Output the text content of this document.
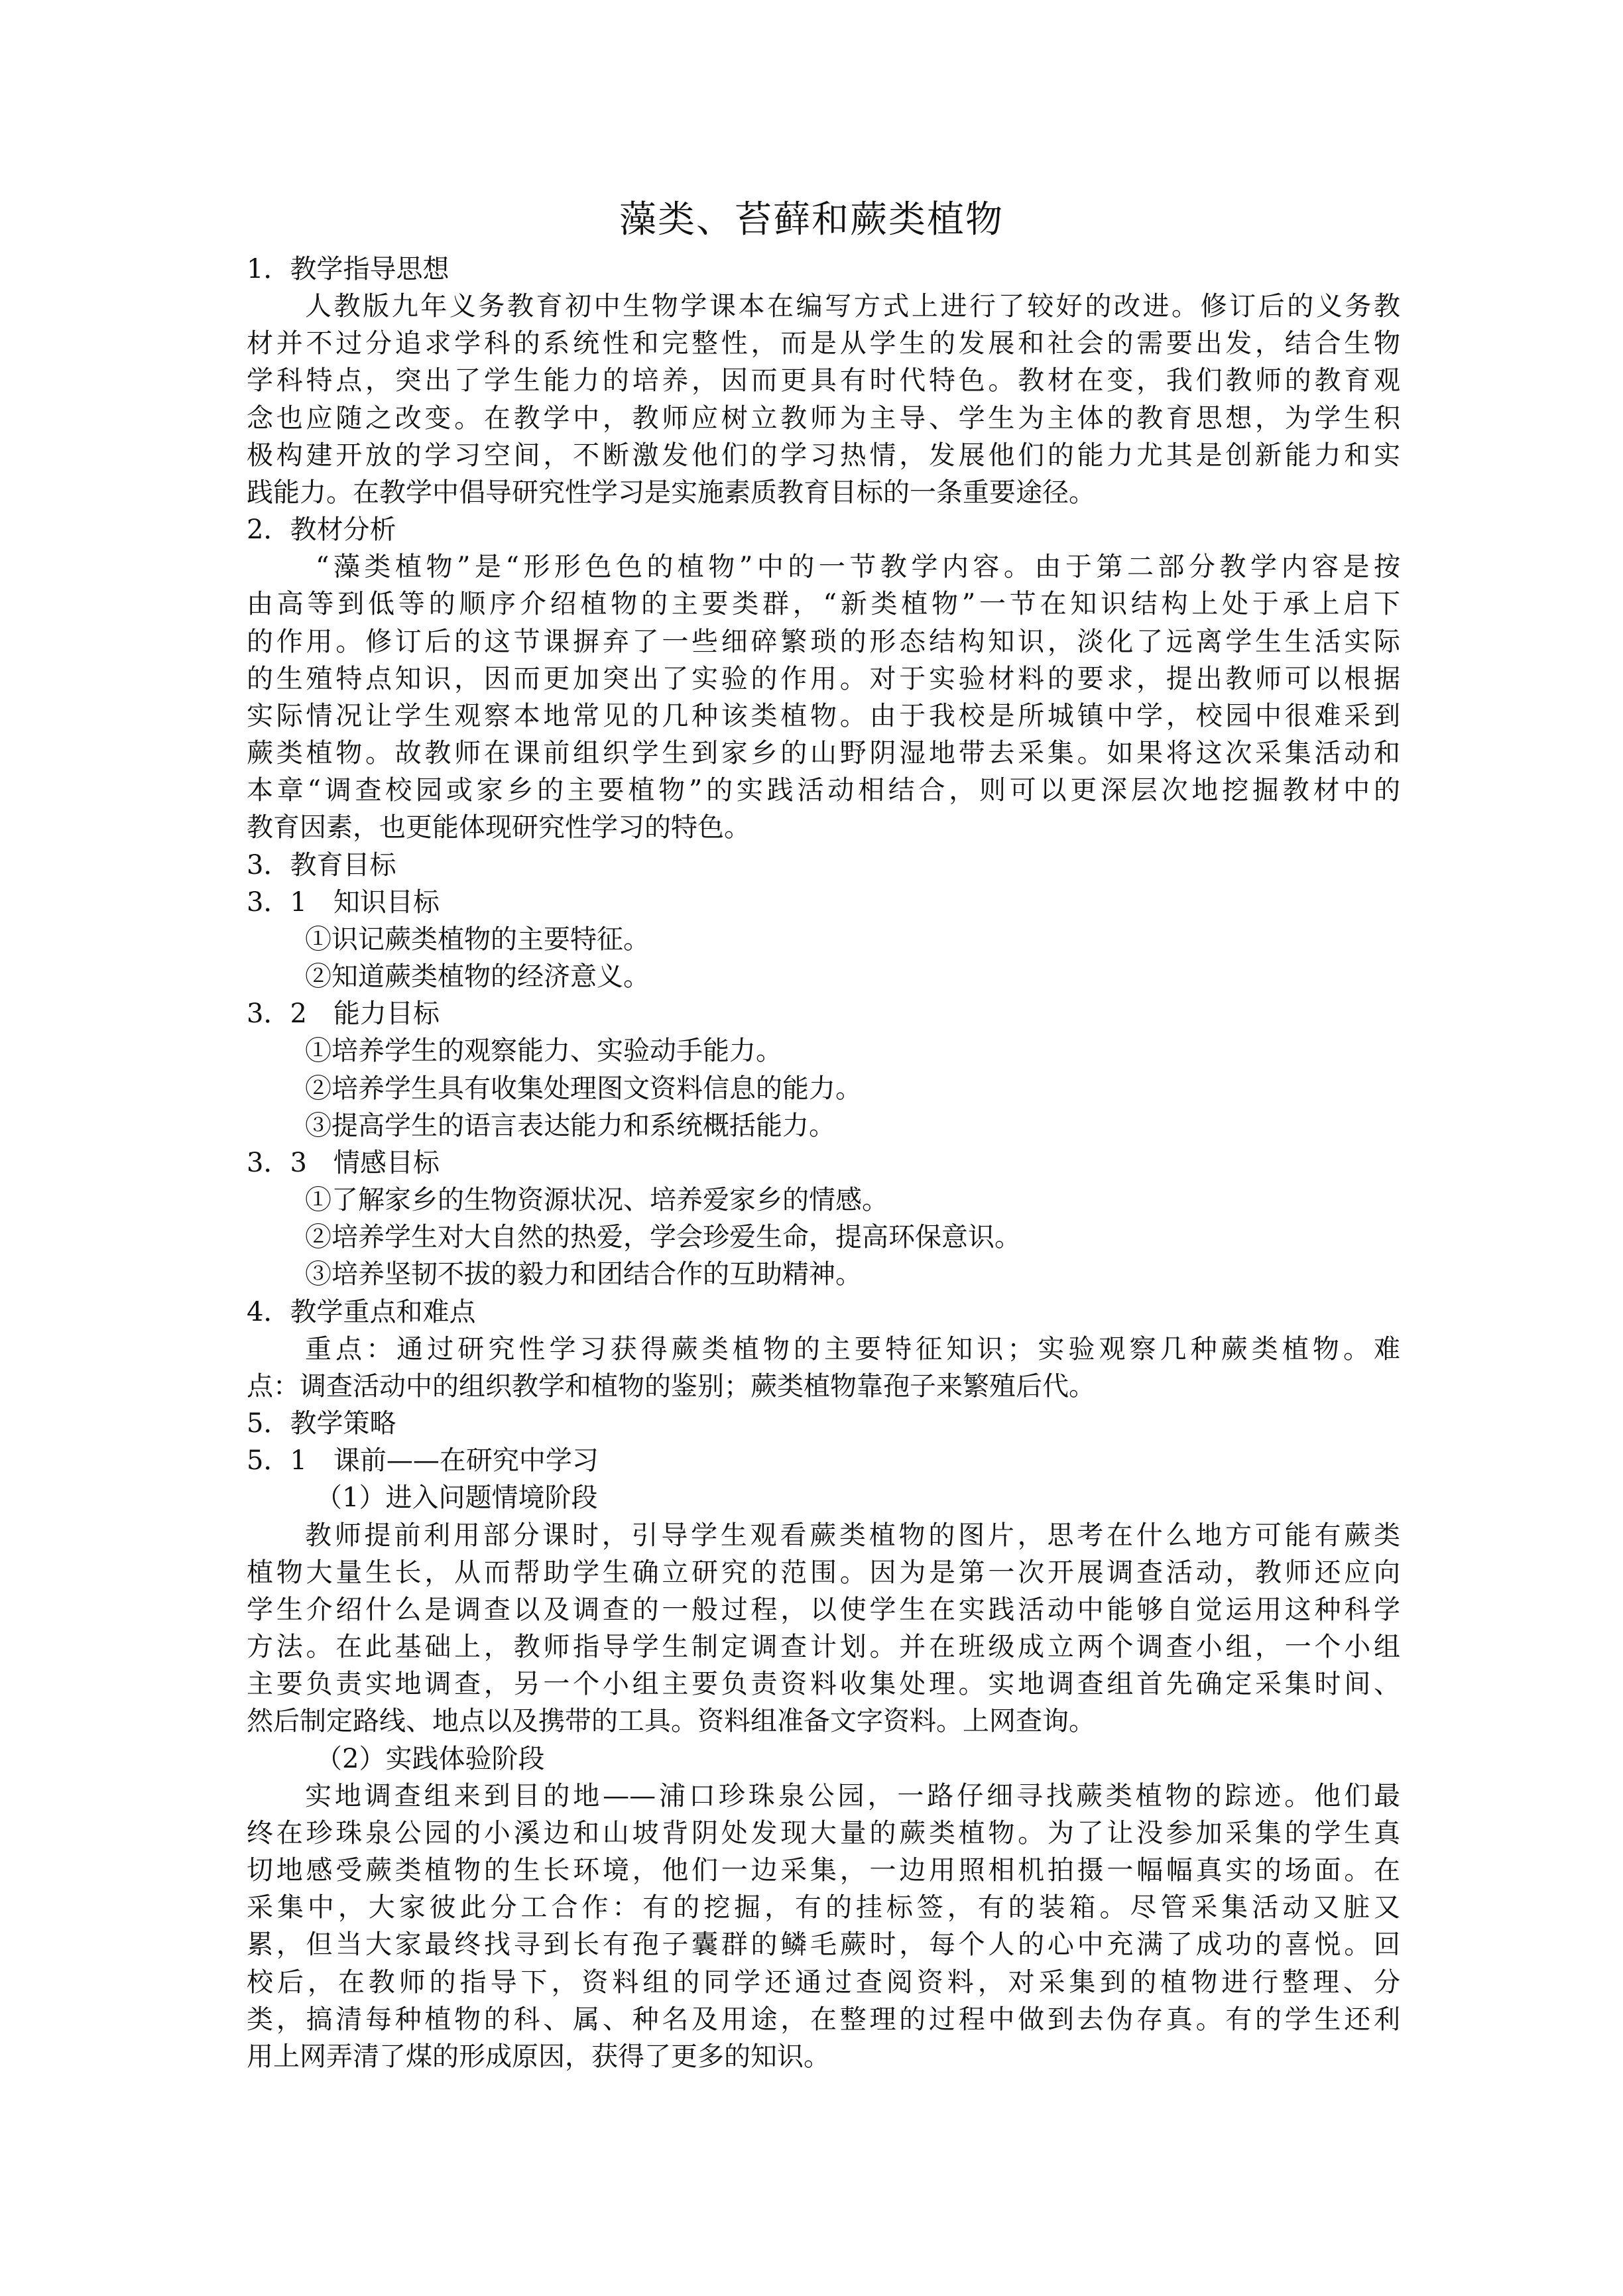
藻类、苔藓和蕨类植物
1．教学指导思想
人教版九年义务教育初中生物学课本在编写方式上进行了较好的改进。修订后的义务教
材并不过分追求学科的系统性和完整性，而是从学生的发展和社会的需要出发，结合生物
学科特点，突出了学生能力的培养，因而更具有时代特色。教材在变，我们教师的教育观
念也应随之改变。在教学中，教师应树立教师为主导、学生为主体的教育思想，为学生积
极构建开放的学习空间，不断激发他们的学习热情，发展他们的能力尤其是创新能力和实
践能力。在教学中倡导研究性学习是实施素质教育目标的一条重要途径。
2．教材分析
“藻类植物”是“形形色色的植物”中的一节教学内容。由于第二部分教学内容是按
由高等到低等的顺序介绍植物的主要类群，“新类植物”一节在知识结构上处于承上启下
的作用。修订后的这节课摒弃了一些细碎繁琐的形态结构知识，淡化了远离学生生活实际
的生殖特点知识，因而更加突出了实验的作用。对于实验材料的要求，提出教师可以根据
实际情况让学生观察本地常见的几种该类植物。由于我校是所城镇中学，校园中很难采到
蕨类植物。故教师在课前组织学生到家乡的山野阴湿地带去采集。如果将这次采集活动和
本章“调查校园或家乡的主要植物”的实践活动相结合，则可以更深层次地挖掘教材中的
教育因素，也更能体现研究性学习的特色。
3．教育目标
3．1　知识目标
①识记蕨类植物的主要特征。
②知道蕨类植物的经济意义。
3．2　能力目标
①培养学生的观察能力、实验动手能力。
②培养学生具有收集处理图文资料信息的能力。
③提高学生的语言表达能力和系统概括能力。
3．3　情感目标
①了解家乡的生物资源状况、培养爱家乡的情感。
②培养学生对大自然的热爱，学会珍爱生命，提高环保意识。
③培养坚韧不拔的毅力和团结合作的互助精神。
4．教学重点和难点
重点：通过研究性学习获得蕨类植物的主要特征知识；实验观察几种蕨类植物。难
点：调查活动中的组织教学和植物的鉴别；蕨类植物靠孢子来繁殖后代。
5．教学策略
5．1　课前——在研究中学习
（1）进入问题情境阶段
教师提前利用部分课时，引导学生观看蕨类植物的图片，思考在什么地方可能有蕨类
植物大量生长，从而帮助学生确立研究的范围。因为是第一次开展调查活动，教师还应向
学生介绍什么是调查以及调查的一般过程，以使学生在实践活动中能够自觉运用这种科学
方法。在此基础上，教师指导学生制定调查计划。并在班级成立两个调查小组，一个小组
主要负责实地调查，另一个小组主要负责资料收集处理。实地调查组首先确定采集时间、
然后制定路线、地点以及携带的工具。资料组准备文字资料。上网查询。
（2）实践体验阶段
实地调查组来到目的地——浦口珍珠泉公园，一路仔细寻找蕨类植物的踪迹。他们最
终在珍珠泉公园的小溪边和山坡背阴处发现大量的蕨类植物。为了让没参加采集的学生真
切地感受蕨类植物的生长环境，他们一边采集，一边用照相机拍摄一幅幅真实的场面。在
采集中，大家彼此分工合作：有的挖掘，有的挂标签，有的装箱。尽管采集活动又脏又
累，但当大家最终找寻到长有孢子囊群的鳞毛蕨时，每个人的心中充满了成功的喜悦。回
校后，在教师的指导下，资料组的同学还通过查阅资料，对采集到的植物进行整理、分
类，搞清每种植物的科、属、种名及用途，在整理的过程中做到去伪存真。有的学生还利
用上网弄清了煤的形成原因，获得了更多的知识。
